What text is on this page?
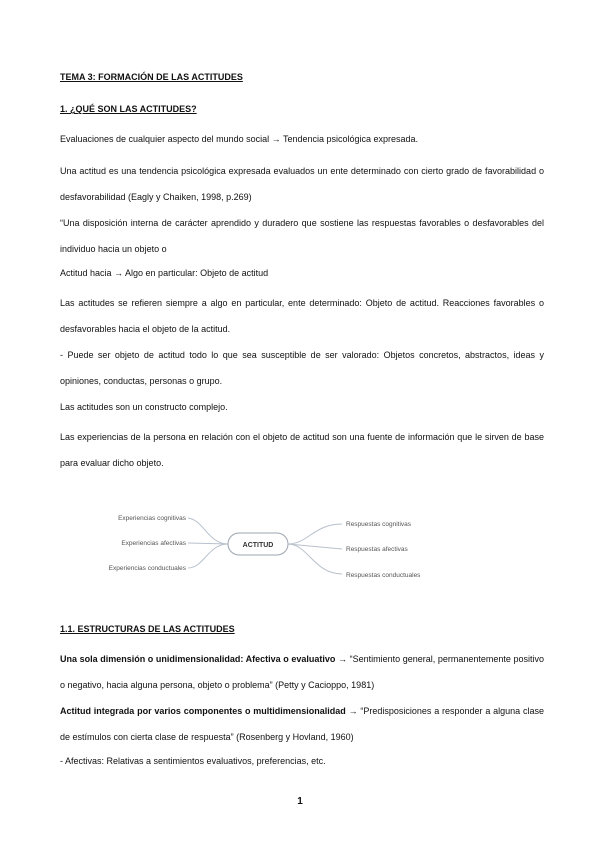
TEMA 3: FORMACIÓN DE LAS ACTITUDES
1. ¿QUÉ SON LAS ACTITUDES?
Evaluaciones de cualquier aspecto del mundo social → Tendencia psicológica expresada.
Una actitud es una tendencia psicológica expresada evaluados un ente determinado con cierto grado de favorabilidad o desfavorabilidad (Eagly y Chaiken, 1998, p.269)
“Una disposición interna de carácter aprendido y duradero que sostiene las respuestas favorables o desfavorables del individuo hacia un objeto o
Actitud hacia → Algo en particular: Objeto de actitud
Las actitudes se refieren siempre a algo en particular, ente determinado: Objeto de actitud. Reacciones favorables o desfavorables hacia el objeto de la actitud.
- Puede ser objeto de actitud todo lo que sea susceptible de ser valorado: Objetos concretos, abstractos, ideas y opiniones, conductas, personas o grupo.
Las actitudes son un constructo complejo.
Las experiencias de la persona en relación con el objeto de actitud son una fuente de información que le sirven de base para evaluar dicho objeto.
ACTITUD
Experiencias cognitivas
Experiencias afectivas
Experiencias conductuales
Respuestas cognitivas
Respuestas afectivas
Respuestas conductuales
1.1. ESTRUCTURAS DE LAS ACTITUDES
Una sola dimensión o unidimensionalidad: Afectiva o evaluativo → “Sentimiento general, permanentemente positivo o negativo, hacia alguna persona, objeto o problema” (Petty y Cacioppo, 1981)
Actitud integrada por varios componentes o multidimensionalidad → “Predisposiciones a responder a alguna clase de estímulos con cierta clase de respuesta” (Rosenberg y Hovland, 1960)
- Afectivas: Relativas a sentimientos evaluativos, preferencias, etc.
1
